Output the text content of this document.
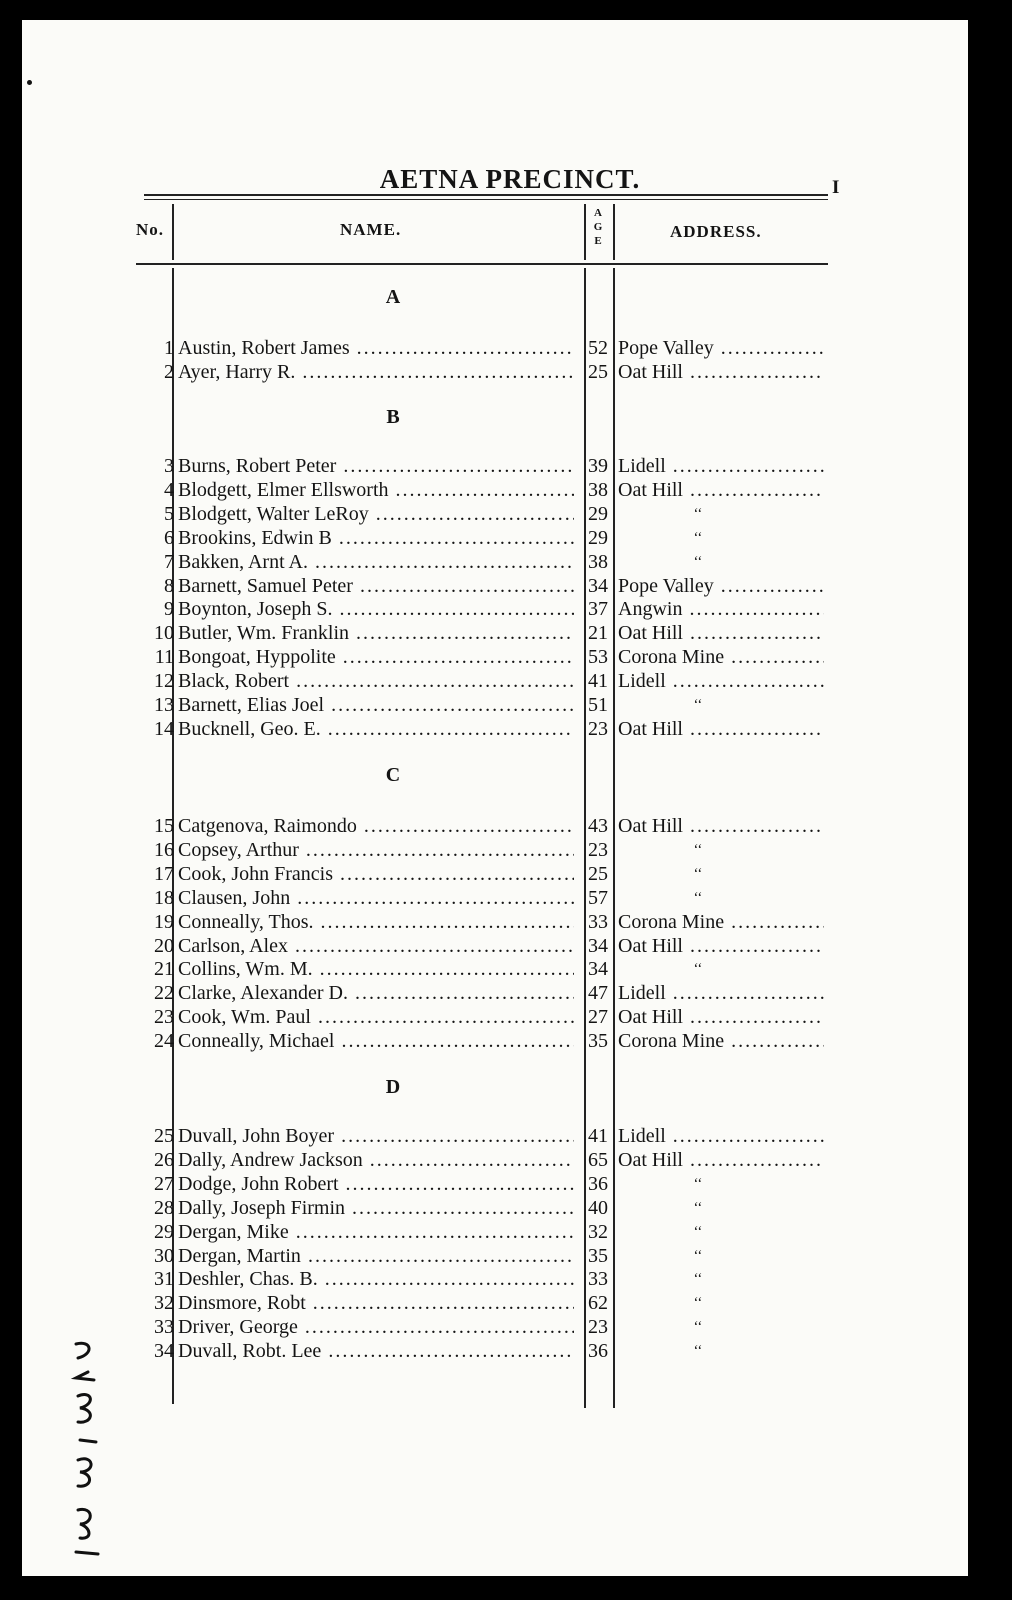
AETNA PRECINCT.	I
No.	NAME.
A
G
E	ADDRESS.
A
1 Austin, Robert James .....	52 Pope Valley .....
2 Ayer, Harry R. .....	25 Oat Hill .....
B
3 Burns, Robert Peter .....	39 Lidell .....
4 Blodgett, Elmer Ellsworth .....	38 Oat Hill .....
5 Blodgett, Walter LeRoy .....	29	‘‘
6 Brookins, Edwin B .....	29	‘‘
7 Bakken, Arnt A. .....	38	‘‘
8 Barnett, Samuel Peter .....	34 Pope Valley .....
9 Boynton, Joseph S. .....	37 Angwin .....
10 Butler, Wm. Franklin .....	21 Oat Hill .....
11 Bongoat, Hyppolite .....	53 Corona Mine .....
12 Black, Robert .....	41 Lidell .....
13 Barnett, Elias Joel .....	51	‘‘
14 Bucknell, Geo. E. .....	23 Oat Hill .....
C
15 Catgenova, Raimondo .....	43 Oat Hill .....
16 Copsey, Arthur .....	23	‘‘
17 Cook, John Francis .....	25	‘‘
18 Clausen, John .....	57	‘‘
19 Conneally, Thos. .....	33 Corona Mine .....
20 Carlson, Alex .....	34 Oat Hill .....
21 Collins, Wm. M. .....	34	‘‘
22 Clarke, Alexander D. .....	47 Lidell .....
23 Cook, Wm. Paul .....	27 Oat Hill .....
24 Conneally, Michael .....	35 Corona Mine .....
D
25 Duvall, John Boyer .....	41 Lidell .....
26 Dally, Andrew Jackson .....	65 Oat Hill .....
27 Dodge, John Robert .....	36	‘‘
28 Dally, Joseph Firmin .....	40	‘‘
29 Dergan, Mike .....	32	‘‘
30 Dergan, Martin .....	35	‘‘
31 Deshler, Chas. B. .....	33	‘‘
32 Dinsmore, Robt .....	62	‘‘
33 Driver, George .....	23	‘‘
34 Duvall, Robt. Lee .....	36	‘‘
